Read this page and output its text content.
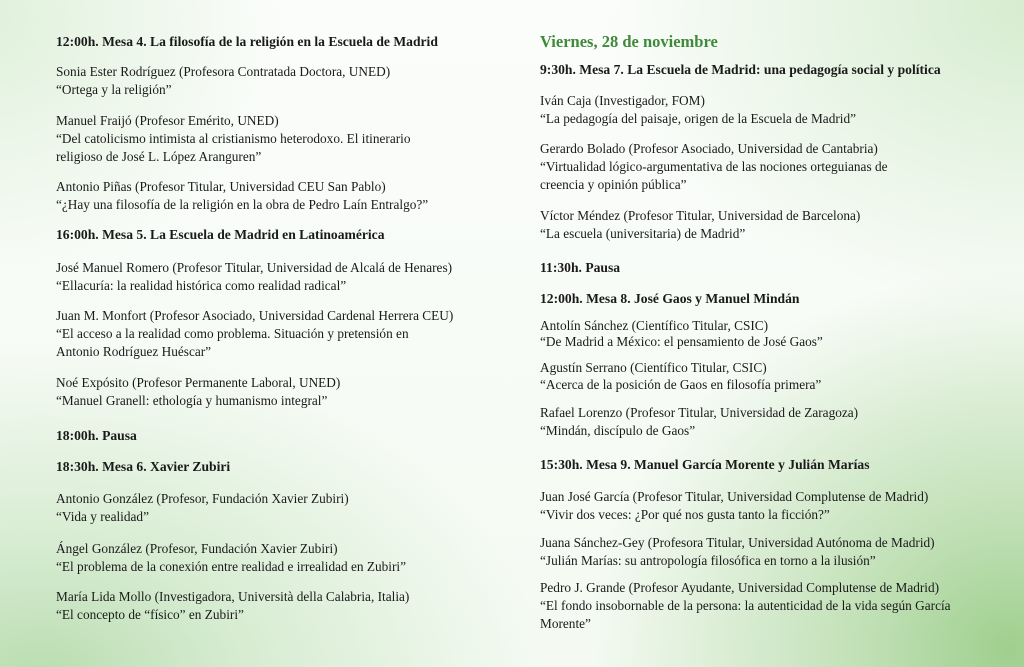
12:00h. Mesa 4. La filosofía de la religión en la Escuela de Madrid
Sonia Ester Rodríguez (Profesora Contratada Doctora, UNED)
“Ortega y la religión”
Manuel Fraijó (Profesor Emérito, UNED)
“Del catolicismo intimista al cristianismo heterodoxo. El itinerario
religioso de José L. López Aranguren”
Antonio Piñas (Profesor Titular, Universidad CEU San Pablo)
“¿Hay una filosofía de la religión en la obra de Pedro Laín Entralgo?”
16:00h. Mesa 5. La Escuela de Madrid en Latinoamérica
José Manuel Romero (Profesor Titular, Universidad de Alcalá de Henares)
“Ellacuría: la realidad histórica como realidad radical”
Juan M. Monfort (Profesor Asociado, Universidad Cardenal Herrera CEU)
“El acceso a la realidad como problema. Situación y pretensión en
Antonio Rodríguez Huéscar”
Noé Expósito (Profesor Permanente Laboral, UNED)
“Manuel Granell: ethología y humanismo integral”
18:00h. Pausa
18:30h. Mesa 6. Xavier Zubiri
Antonio González (Profesor, Fundación Xavier Zubiri)
“Vida y realidad”
Ángel González (Profesor, Fundación Xavier Zubiri)
“El problema de la conexión entre realidad e irrealidad en Zubiri”
María Lida Mollo (Investigadora, Università della Calabria, Italia)
“El concepto de “físico” en Zubiri”
Viernes, 28 de noviembre
9:30h. Mesa 7. La Escuela de Madrid: una pedagogía social y política
Iván Caja (Investigador, FOM)
“La pedagogía del paisaje, origen de la Escuela de Madrid”
Gerardo Bolado (Profesor Asociado, Universidad de Cantabria)
“Virtualidad lógico-argumentativa de las nociones orteguianas de
creencia y opinión pública”
Víctor Méndez (Profesor Titular, Universidad de Barcelona)
“La escuela (universitaria) de Madrid”
11:30h. Pausa
12:00h. Mesa 8. José Gaos y Manuel Mindán
Antolín Sánchez (Científico Titular, CSIC)
“De Madrid a México: el pensamiento de José Gaos”
Agustín Serrano (Científico Titular, CSIC)
“Acerca de la posición de Gaos en filosofía primera”
Rafael Lorenzo (Profesor Titular, Universidad de Zaragoza)
“Mindán, discípulo de Gaos”
15:30h. Mesa 9. Manuel García Morente y Julián Marías
Juan José García (Profesor Titular, Universidad Complutense de Madrid)
“Vivir dos veces: ¿Por qué nos gusta tanto la ficción?”
Juana Sánchez-Gey (Profesora Titular, Universidad Autónoma de Madrid)
“Julián Marías: su antropología filosófica en torno a la ilusión”
Pedro J. Grande (Profesor Ayudante, Universidad Complutense de Madrid)
“El fondo insobornable de la persona: la autenticidad de la vida según García
Morente”
